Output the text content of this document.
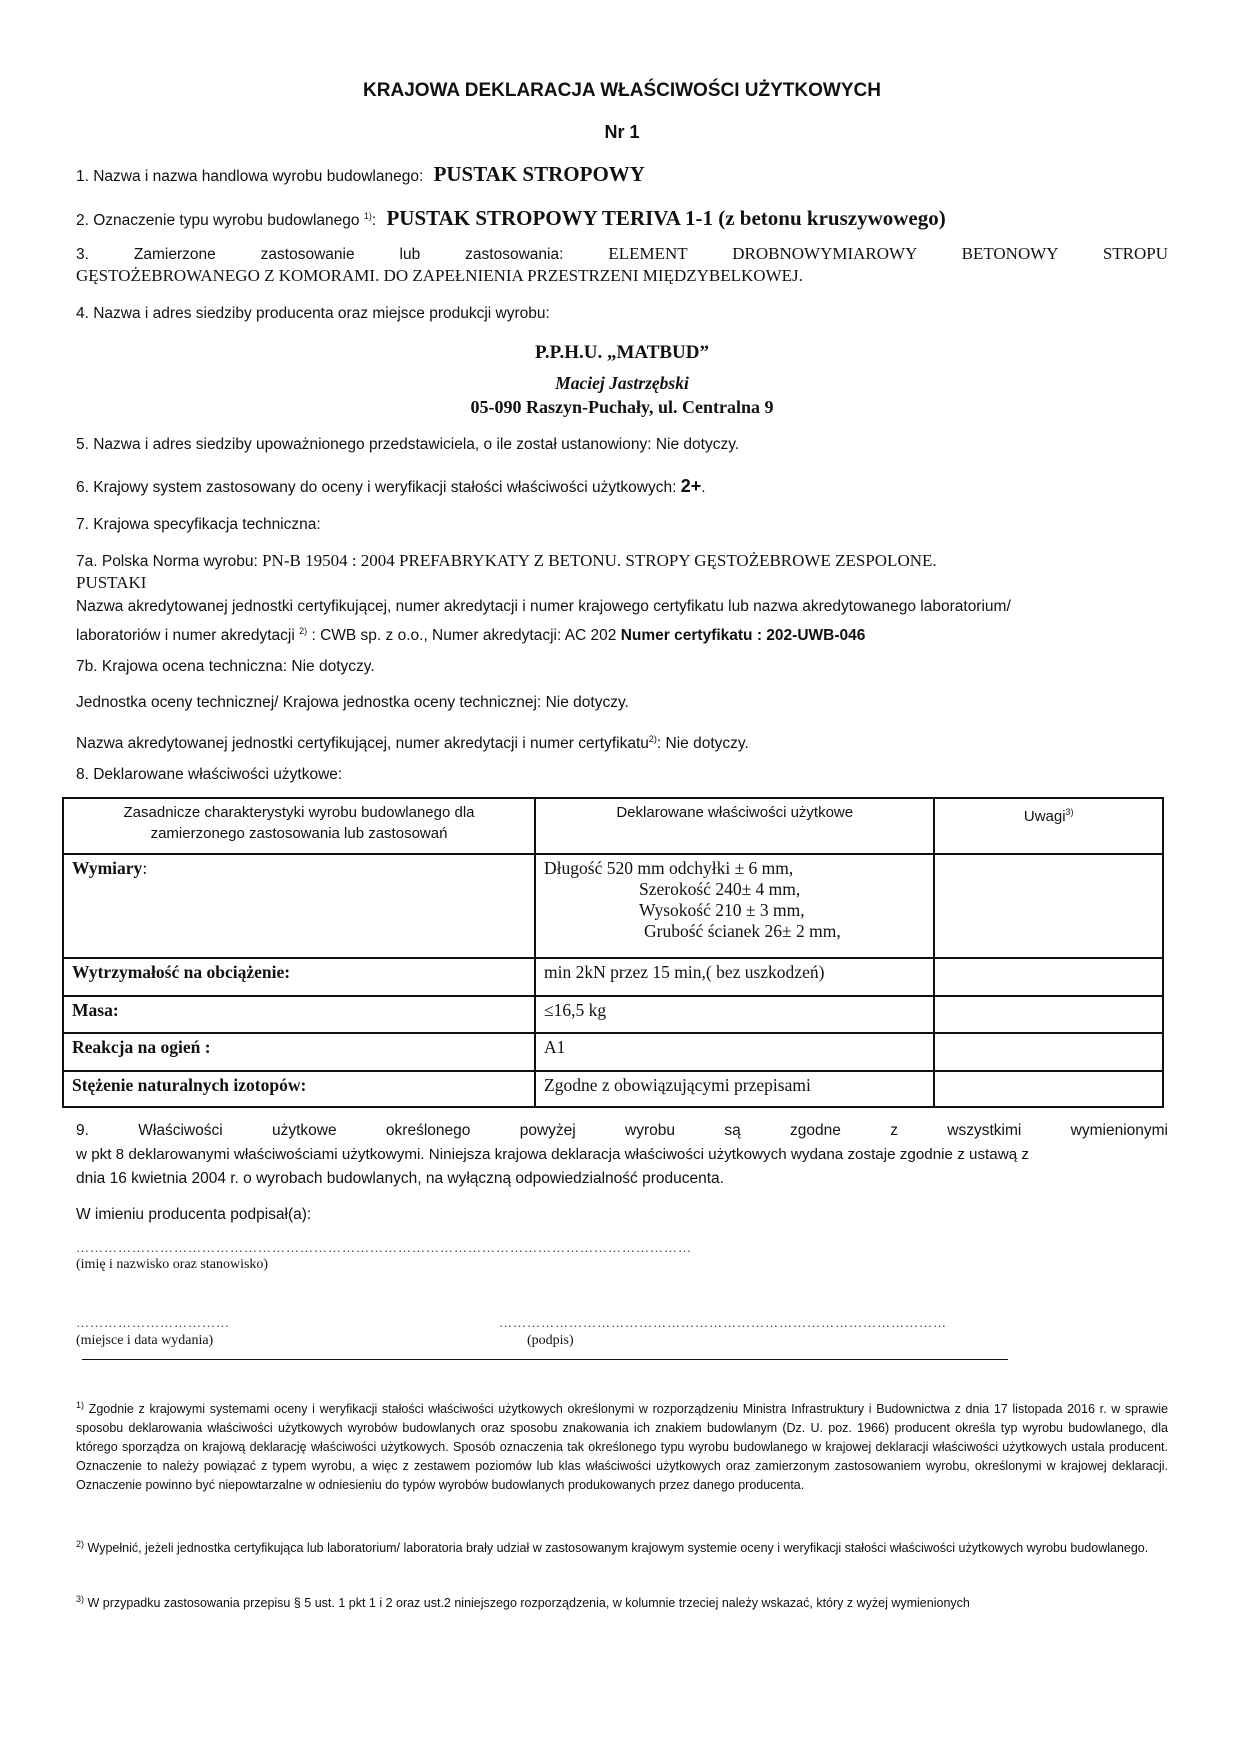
KRAJOWA DEKLARACJA WŁAŚCIWOŚCI UŻYTKOWYCH
Nr 1
1. Nazwa i nazwa handlowa wyrobu budowlanego: PUSTAK STROPOWY
2. Oznaczenie typu wyrobu budowlanego $^{1)}$: PUSTAK STROPOWY TERIVA 1-1 (z betonu kruszywowego)
3. Zamierzone zastosowanie lub zastosowania:	ELEMENT DROBNOWYMIAROWY BETONOWY STROPU
GĘSTOŻEBROWANEGO Z KOMORAMI. DO ZAPEŁNIENIA PRZESTRZENI MIĘDZYBELKOWEJ.
4. Nazwa i adres siedziby producenta oraz miejsce produkcji wyrobu:
P.P.H.U. „MATBUD”
Maciej Jastrzębski
05-090 Raszyn-Puchały, ul. Centralna 9
5. Nazwa i adres siedziby upoważnionego przedstawiciela, o ile został ustanowiony: Nie dotyczy.
6. Krajowy system zastosowany do oceny i weryfikacji stałości właściwości użytkowych: 2+.
7. Krajowa specyfikacja techniczna:
7a. Polska Norma wyrobu: PN-B 19504 : 2004 PREFABRYKATY Z BETONU. STROPY GĘSTOŻEBROWE ZESPOLONE.
PUSTAKI
Nazwa akredytowanej jednostki certyfikującej, numer akredytacji i numer krajowego certyfikatu lub nazwa akredytowanego laboratorium/
laboratoriów i numer akredytacji $^{2)}$ : CWB sp. z o.o., Numer akredytacji: AC 202 Numer certyfikatu : 202-UWB-046
7b. Krajowa ocena techniczna: Nie dotyczy.
Jednostka oceny technicznej/ Krajowa jednostka oceny technicznej: Nie dotyczy.
Nazwa akredytowanej jednostki certyfikującej, numer akredytacji i numer certyfikatu$^{2)}$: Nie dotyczy.
8. Deklarowane właściwości użytkowe:
Zasadnicze charakterystyki wyrobu budowlanego dla
zamierzonego zastosowania lub zastosowań	Deklarowane właściwości użytkowe	Uwagi$^{3)}$
Wymiary:	Długość 520 mm odchyłki ± 6 mm,
Szerokość 240± 4 mm,
Wysokość 210 ± 3 mm,
Grubość ścianek 26± 2 mm,	

Wytrzymałość na obciążenie:	min 2kN przez 15 min,( bez uszkodzeń)	
Masa:	≤16,5 kg	
Reakcja na ogień :	A1	
Stężenie naturalnych izotopów:	Zgodne z obowiązującymi przepisami	
9. Właściwości użytkowe określonego powyżej wyrobu są zgodne z wszystkimi wymienionymi
w pkt 8 deklarowanymi właściwościami użytkowymi. Niniejsza krajowa deklaracja właściwości użytkowych wydana zostaje zgodnie z ustawą z
dnia 16 kwietnia 2004 r. o wyrobach budowlanych, na wyłączną odpowiedzialność producenta.
W imieniu producenta podpisał(a):
……………………………………………………………………………………………………………………
(imię i nazwisko oraz stanowisko)
……………………………
(miejsce i data wydania)
……………………………………………………………………………………
(podpis)
$^{1)}$ Zgodnie z krajowymi systemami oceny i weryfikacji stałości właściwości użytkowych określonymi w rozporządzeniu Ministra Infrastruktury i Budownictwa z dnia 17 listopada 2016 r. w sprawie sposobu deklarowania właściwości użytkowych wyrobów budowlanych oraz sposobu znakowania ich znakiem budowlanym (Dz. U. poz. 1966) producent określa typ wyrobu budowlanego, dla którego sporządza on krajową deklarację właściwości użytkowych. Sposób oznaczenia tak określonego typu wyrobu budowlanego w krajowej deklaracji właściwości użytkowych ustala producent. Oznaczenie to należy powiązać z typem wyrobu, a więc z zestawem poziomów lub klas właściwości użytkowych oraz zamierzonym zastosowaniem wyrobu, określonymi w krajowej deklaracji. Oznaczenie powinno być niepowtarzalne w odniesieniu do typów wyrobów budowlanych produkowanych przez danego producenta.
$^{2)}$ Wypełnić, jeżeli jednostka certyfikująca lub laboratorium/ laboratoria brały udział w zastosowanym krajowym systemie oceny i weryfikacji stałości właściwości użytkowych wyrobu budowlanego.
$^{3)}$ W przypadku zastosowania przepisu § 5 ust. 1 pkt 1 i 2 oraz ust.2 niniejszego rozporządzenia, w kolumnie trzeciej należy wskazać, który z wyżej wymienionych
